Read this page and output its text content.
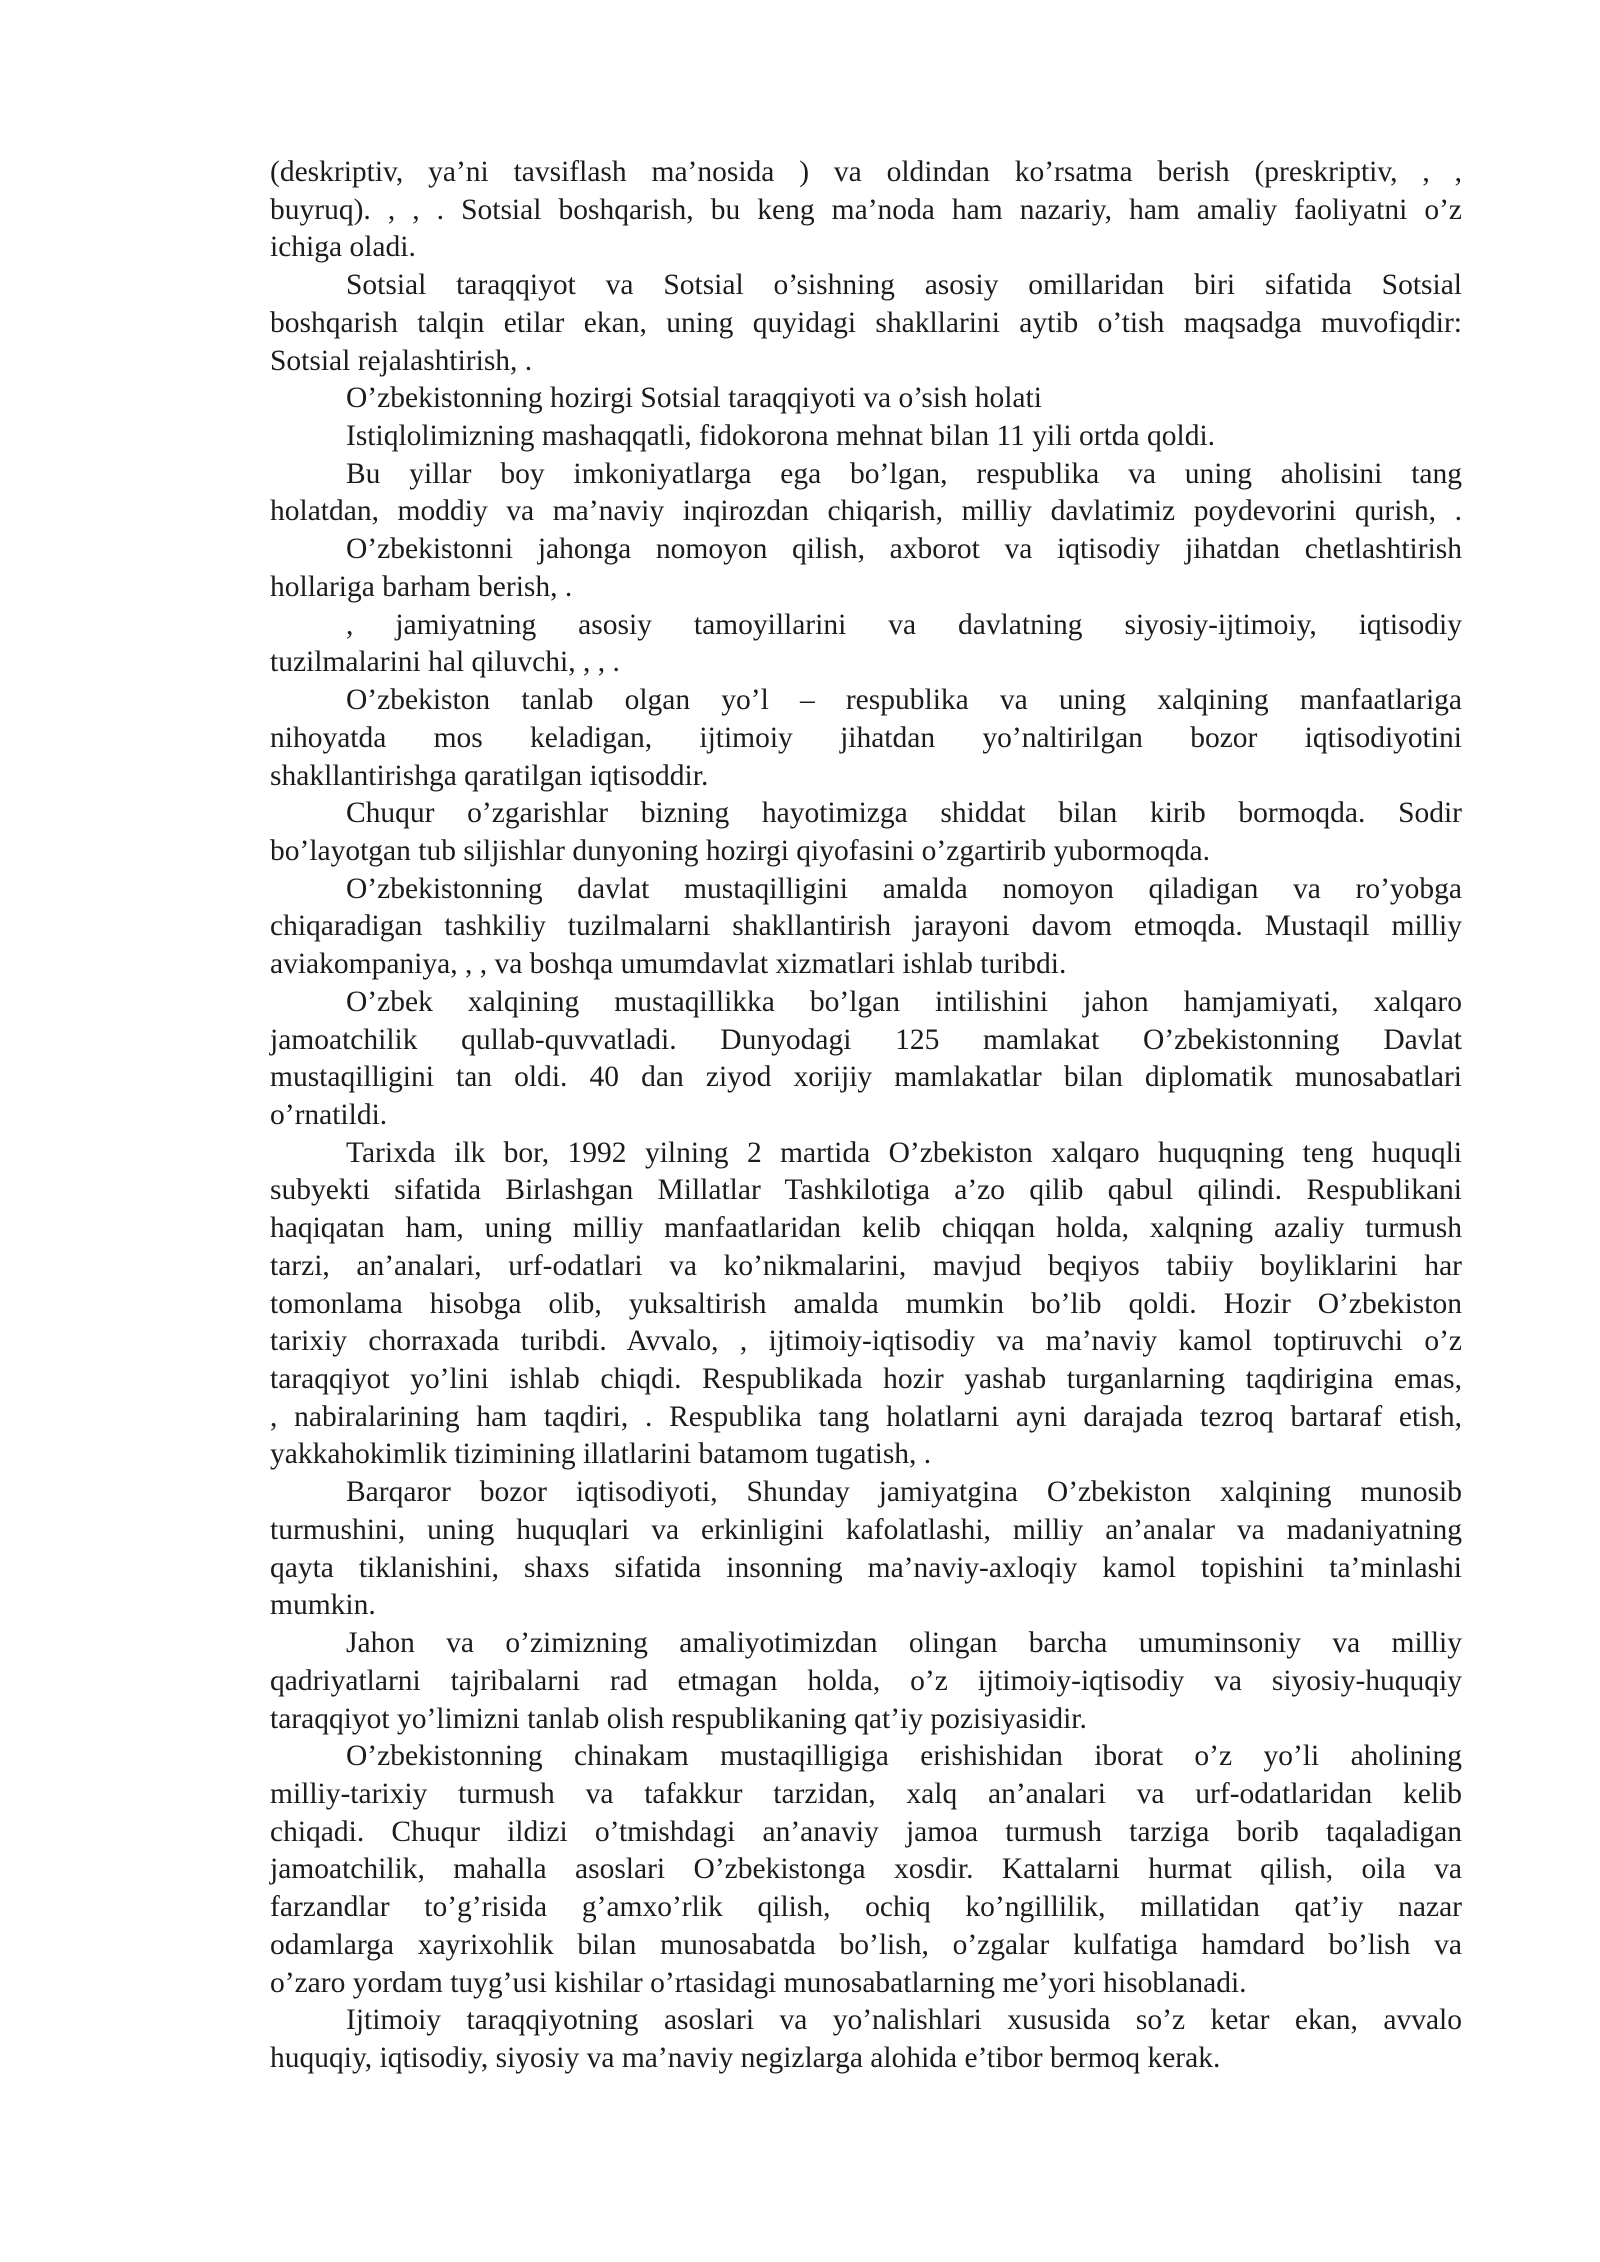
(deskriptiv, ya’ni tavsiflash ma’nosida ) va oldindan ko’rsatma berish (preskriptiv, , ,
buyruq). , , . Sotsial boshqarish, bu keng ma’noda ham nazariy, ham amaliy faoliyatni o’z
ichiga oladi.
Sotsial taraqqiyot va Sotsial o’sishning asosiy omillaridan biri sifatida Sotsial
boshqarish talqin etilar ekan, uning quyidagi shakllarini aytib o’tish maqsadga muvofiqdir:
Sotsial rejalashtirish, .
O’zbekistonning hozirgi Sotsial taraqqiyoti va o’sish holati
Istiqlolimizning mashaqqatli, fidokorona mehnat bilan 11 yili ortda qoldi.
Bu yillar boy imkoniyatlarga ega bo’lgan, respublika va uning aholisini tang
holatdan, moddiy va ma’naviy inqirozdan chiqarish, milliy davlatimiz poydevorini qurish, .
O’zbekistonni jahonga nomoyon qilish, axborot va iqtisodiy jihatdan chetlashtirish
hollariga barham berish, .
, jamiyatning asosiy tamoyillarini va davlatning siyosiy-ijtimoiy, iqtisodiy
tuzilmalarini hal qiluvchi, , , .
O’zbekiston tanlab olgan yo’l – respublika va uning xalqining manfaatlariga
nihoyatda mos keladigan, ijtimoiy jihatdan yo’naltirilgan bozor iqtisodiyotini
shakllantirishga qaratilgan iqtisoddir.
Chuqur o’zgarishlar bizning hayotimizga shiddat bilan kirib bormoqda. Sodir
bo’layotgan tub siljishlar dunyoning hozirgi qiyofasini o’zgartirib yubormoqda.
O’zbekistonning davlat mustaqilligini amalda nomoyon qiladigan va ro’yobga
chiqaradigan tashkiliy tuzilmalarni shakllantirish jarayoni davom etmoqda. Mustaqil milliy
aviakompaniya, , , va boshqa umumdavlat xizmatlari ishlab turibdi.
O’zbek xalqining mustaqillikka bo’lgan intilishini jahon hamjamiyati, xalqaro
jamoatchilik qullab-quvvatladi. Dunyodagi 125 mamlakat O’zbekistonning Davlat
mustaqilligini tan oldi. 40 dan ziyod xorijiy mamlakatlar bilan diplomatik munosabatlari
o’rnatildi.
Tarixda ilk bor, 1992 yilning 2 martida O’zbekiston xalqaro huquqning teng huquqli
subyekti sifatida Birlashgan Millatlar Tashkilotiga a’zo qilib qabul qilindi. Respublikani
haqiqatan ham, uning milliy manfaatlaridan kelib chiqqan holda, xalqning azaliy turmush
tarzi, an’analari, urf-odatlari va ko’nikmalarini, mavjud beqiyos tabiiy boyliklarini har
tomonlama hisobga olib, yuksaltirish amalda mumkin bo’lib qoldi. Hozir O’zbekiston
tarixiy chorraxada turibdi. Avvalo, , ijtimoiy-iqtisodiy va ma’naviy kamol toptiruvchi o’z
taraqqiyot yo’lini ishlab chiqdi. Respublikada hozir yashab turganlarning taqdirigina emas,
, nabiralarining ham taqdiri, . Respublika tang holatlarni ayni darajada tezroq bartaraf etish,
yakkahokimlik tizimining illatlarini batamom tugatish, .
Barqaror bozor iqtisodiyoti, Shunday jamiyatgina O’zbekiston xalqining munosib
turmushini, uning huquqlari va erkinligini kafolatlashi, milliy an’analar va madaniyatning
qayta tiklanishini, shaxs sifatida insonning ma’naviy-axloqiy kamol topishini ta’minlashi
mumkin.
Jahon va o’zimizning amaliyotimizdan olingan barcha umuminsoniy va milliy
qadriyatlarni tajribalarni rad etmagan holda, o’z ijtimoiy-iqtisodiy va siyosiy-huquqiy
taraqqiyot yo’limizni tanlab olish respublikaning qat’iy pozisiyasidir.
O’zbekistonning chinakam mustaqilligiga erishishidan iborat o’z yo’li aholining
milliy-tarixiy turmush va tafakkur tarzidan, xalq an’analari va urf-odatlaridan kelib
chiqadi. Chuqur ildizi o’tmishdagi an’anaviy jamoa turmush tarziga borib taqaladigan
jamoatchilik, mahalla asoslari O’zbekistonga xosdir. Kattalarni hurmat qilish, oila va
farzandlar to’g’risida g’amxo’rlik qilish, ochiq ko’ngillilik, millatidan qat’iy nazar
odamlarga xayrixohlik bilan munosabatda bo’lish, o’zgalar kulfatiga hamdard bo’lish va
o’zaro yordam tuyg’usi kishilar o’rtasidagi munosabatlarning me’yori hisoblanadi.
Ijtimoiy taraqqiyotning asoslari va yo’nalishlari xususida so’z ketar ekan, avvalo
huquqiy, iqtisodiy, siyosiy va ma’naviy negizlarga alohida e’tibor bermoq kerak.
